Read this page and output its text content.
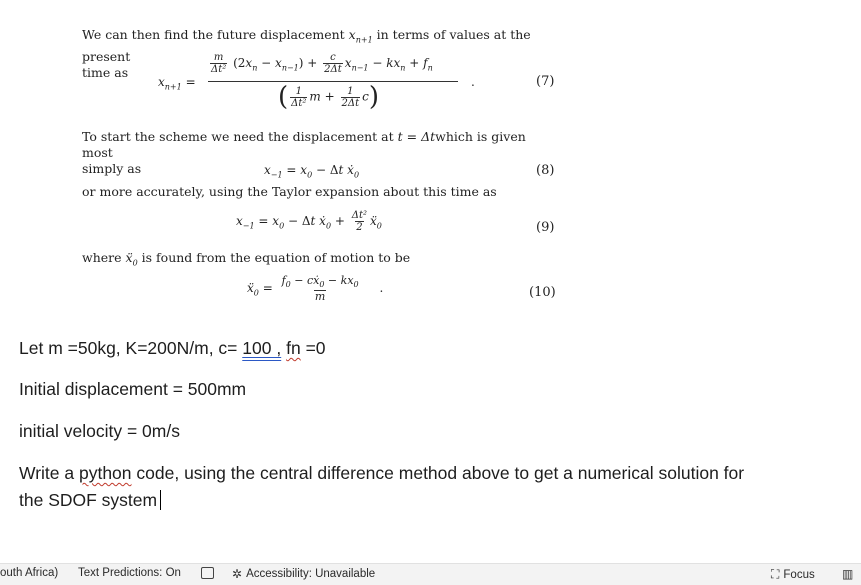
We can then find the future displacement $x_{n+1}$ in terms of values at the present
time as

$x_{n+1}$ =
$\frac{m}{\text{Δt²}} (2x_n - x_{n-1}) + \frac{c}{2\Delta t} x_{n-1} - kx_n + f_n$
( $\frac{1}{\text{Δt²}}$ $m + \frac{1}{2\Delta t} c$)	.	(7)

To start the scheme we need the displacement at t = Δtwhich is given most
simply as	$x_{-1} = x_0 - \Delta t$ ẋ$_0$	(8)

or more accurately, using the Taylor expansion about this time as

$x_{-1} = x_0 - \Delta t$ ẋ$_0$ + $\frac{\text{Δt²}}{2}$ ẍ$_0$	(9)

where ẍ$_0$ is found from the equation of motion to be

ẍ$_0$ = $\frac{f_0 - cẋ_0 - kx_0}{m}$ .	(10)
Let m =50kg, K=200N/m, c= 100 , fn =0
Initial displacement = 500mm
initial velocity = 0m/s
Write a python code, using the central difference method above to get a numerical solution for
the SDOF system
outh Africa) Text Predictions: On	✲ Accessibility: Unavailable	⛶ Focus ▥
